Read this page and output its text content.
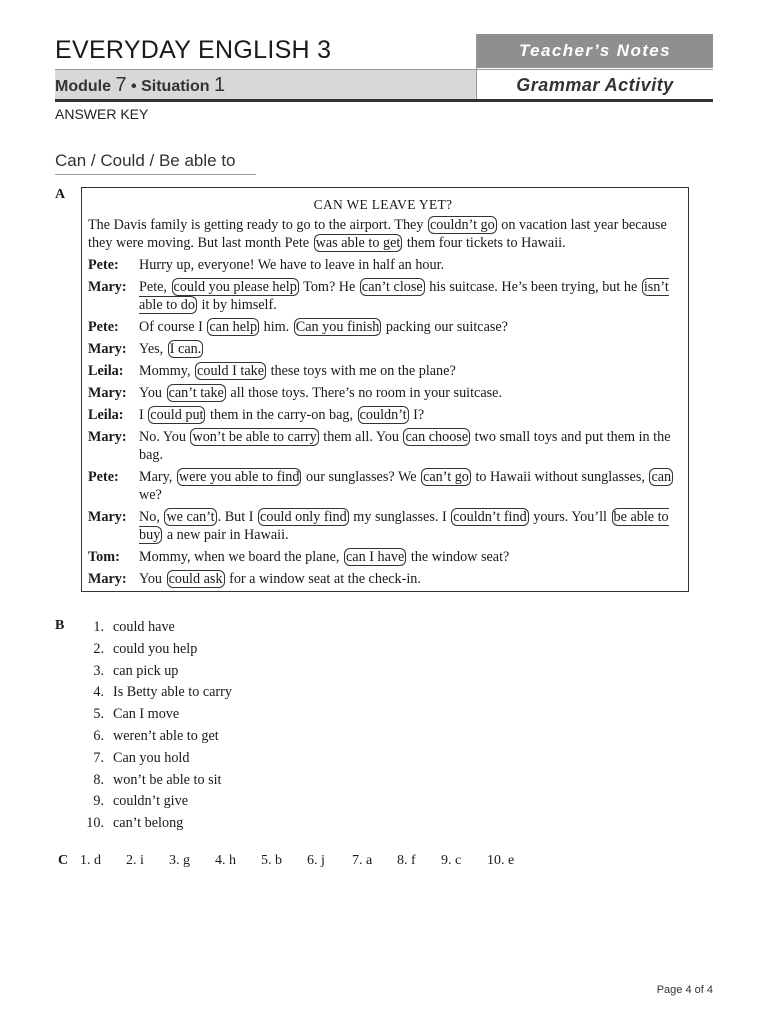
EVERYDAY ENGLISH 3	Teacher’s Notes
Module 7 • Situation 1	Grammar Activity
ANSWER KEY
Can / Could / Be able to
A
CAN WE LEAVE YET?
The Davis family is getting ready to go to the airport. They couldn’t go on vacation last year because they were moving. But last month Pete was able to get them four tickets to Hawaii.
Pete:	Hurry up, everyone! We have to leave in half an hour.
Mary: Pete, could you please help Tom? He can’t close his suitcase. He’s been trying, but he isn’t able to do it by himself.
Pete:	Of course I can help him. Can you finish packing our suitcase?
Mary: Yes, I can.
Leila:	Mommy, could I take these toys with me on the plane?
Mary: You can’t take all those toys. There’s no room in your suitcase.
Leila:	I could put them in the carry-on bag, couldn’t I?
Mary: No. You won’t be able to carry them all. You can choose two small toys and put them in the bag.
Pete:	Mary, were you able to find our sunglasses? We can’t go to Hawaii without sunglasses, can we?
Mary: No, we can’t . But I could only find my sunglasses. I couldn’t find yours. You’ll be able to buy a new pair in Hawaii.
Tom:	Mommy, when we board the plane, can I have the window seat?
Mary: You could ask for a window seat at the check-in.
B	1. could have
2. could you help
3. can pick up
4. Is Betty able to carry
5. Can I move
6. weren’t able to get
7. Can you hold
8. won’t be able to sit
9. couldn’t give
10. can’t belong
C 1. d	2. i	3. g	4. h	5. b	6. j	7. a	8. f	9. c	10. e
Page 4 of 4
